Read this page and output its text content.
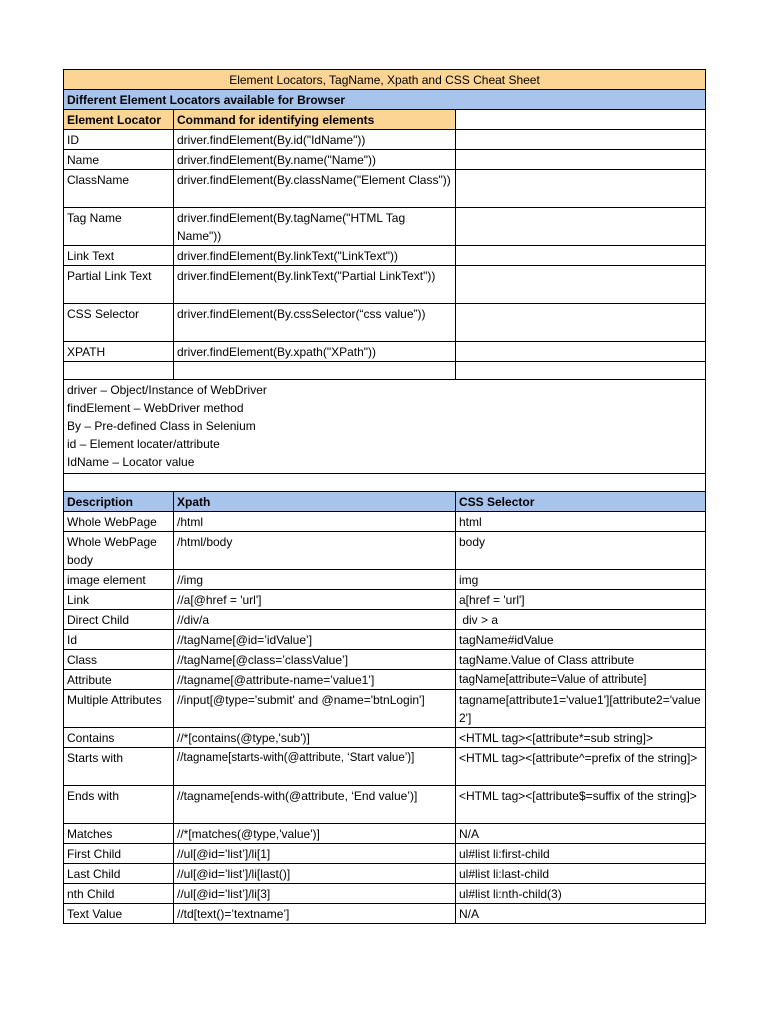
Element Locators, TagName, Xpath and CSS Cheat Sheet		
Different Element Locators available for Browser		
Element Locator	Command for identifying elements	
ID	driver.findElement(By.id("IdName"))	
Name	driver.findElement(By.name("Name"))	
ClassName	driver.findElement(By.className("Element Class"))	
Tag Name	driver.findElement(By.tagName("HTML Tag Name"))	
Link Text	driver.findElement(By.linkText("LinkText"))	
Partial Link Text	driver.findElement(By.linkText("Partial LinkText"))	
CSS Selector	driver.findElement(By.cssSelector(“css value”))	
XPATH	driver.findElement(By.xpath("XPath"))	

driver – Object/Instance of WebDriver
findElement – WebDriver method
By – Pre-defined Class in Selenium
id – Element locater/attribute
IdName – Locator value		

Description	Xpath	CSS Selector
Whole WebPage	/html	html
Whole WebPage body	/html/body	body
image element	//img	img
Link	//a[@href = 'url']	a[href = 'url']
Direct Child	//div/a	div > a
Id	//tagName[@id=’idValue’]	tagName#idValue
Class	//tagName[@class=’classValue’]	tagName.Value of Class attribute
Attribute	//tagname[@attribute-name=’value1’]	tagName[attribute=Value of attribute]
Multiple Attributes	//input[@type='submit' and @name='btnLogin']	tagname[attribute1='value1'][attribute2='value2']
Contains	//*[contains(@type,'sub')]	<HTML tag><[attribute*=sub string]>
Starts with	//tagname[starts-with(@attribute, ‘Start value’)]	<HTML tag><[attribute^=prefix of the string]>
Ends with	//tagname[ends-with(@attribute, ‘End value’)]	<HTML tag><[attribute$=suffix of the string]>
Matches	//*[matches(@type,'value')]	N/A
First Child	//ul[@id=’list’]/li[1]	ul#list li:first-child
Last Child	//ul[@id=’list’]/li[last()]	ul#list li:last-child
nth Child	//ul[@id=’list’]/li[3]	ul#list li:nth-child(3)
Text Value	//td[text()=’textname’]	N/A
